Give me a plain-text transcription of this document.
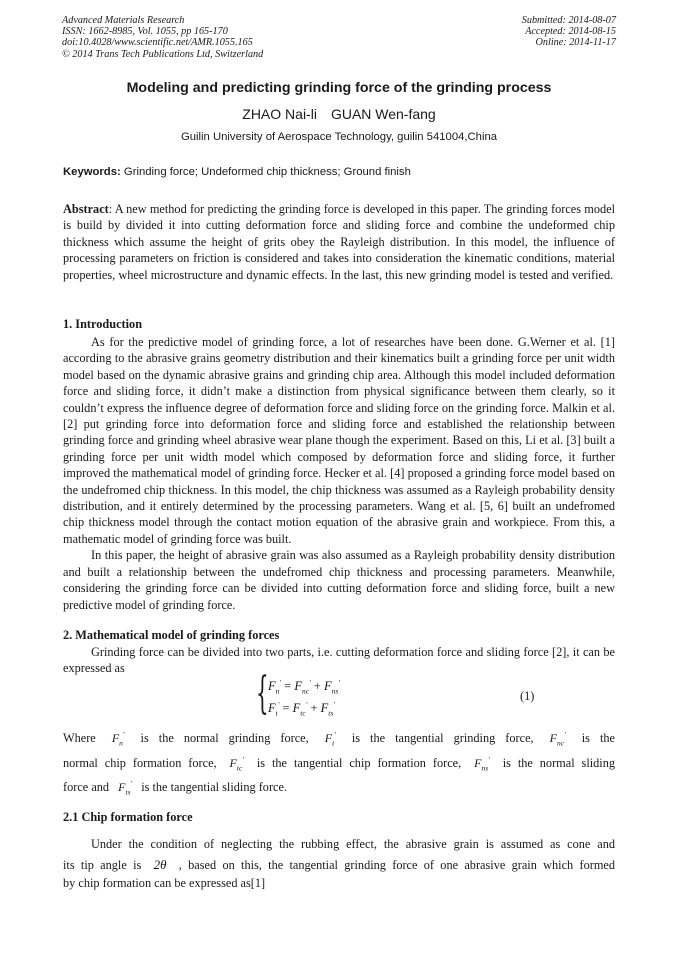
Advanced Materials Research
ISSN: 1662-8985, Vol. 1055, pp 165-170
doi:10.4028/www.scientific.net/AMR.1055.165
© 2014 Trans Tech Publications Ltd, Switzerland
Submitted: 2014-08-07
Accepted: 2014-08-15
Online: 2014-11-17
Modeling and predicting grinding force of the grinding process
ZHAO Nai-li GUAN Wen-fang
Guilin University of Aerospace Technology, guilin 541004,China
Keywords: Grinding force; Undeformed chip thickness; Ground finish

Abstract: A new method for predicting the grinding force is developed in this paper. The grinding forces model is build by divided it into cutting deformation force and sliding force and combine the undeformed chip thickness which assume the height of grits obey the Rayleigh distribution. In this model, the influence of processing parameters on friction is considered and takes into consideration the kinematic conditions, material properties, wheel microstructure and dynamic effects. In the last, this new grinding model is tested and verified.

1. Introduction

As for the predictive model of grinding force, a lot of researches have been done. G.Werner et al. [1] according to the abrasive grains geometry distribution and their kinematics built a grinding force per unit width model based on the dynamic abrasive grains and grinding chip area. Although this model included deformation force and sliding force, it didn’t make a distinction from physical significance between them clearly, so it couldn’t express the influence degree of deformation force and sliding force on the grinding force. Malkin et al. [2] put grinding force into deformation force and sliding force and established the relationship between grinding force and grinding wheel abrasive wear plane though the experiment. Based on this, Li et al. [3] built a grinding force per unit width model which composed by deformation force and sliding force, it further improved the mathematical model of grinding force. Hecker et al. [4] proposed a grinding force model based on the undefromed chip thickness. In this model, the chip thickness was assumed as a Rayleigh probability density distribution, and it entirely determined by the processing parameters. Wang et al. [5, 6] built an undefromed chip thickness model through the contact motion equation of the abrasive grain and workpiece. From this, a mathematic model of grinding force was built.

In this paper, the height of abrasive grain was also assumed as a Rayleigh probability density distribution and built a relationship between the undefromed chip thickness and processing parameters. Meanwhile, considering the grinding force can be divided into cutting deformation force and sliding force, built a new predictive model of grinding force.

2. Mathematical model of grinding forces

Grinding force can be divided into two parts, i.e. cutting deformation force and sliding force [2], it can be expressed as	{ $F_n' = F_{nc}' + F_{ns}'$
$F_t' = F_{tc}' + F_{ts}'$
(1)
Where $F_n'$ is the normal grinding force, $F_t'$ is the tangential grinding force, $F_{nc}'$ is the
normal chip formation force, $F_{tc}'$ is the tangential chip formation force, $F_{ns}'$ is the normal sliding
force and $F_{ts}'$ is the tangential sliding force.
2.1 Chip formation force
Under the condition of neglecting the rubbing effect, the abrasive grain is assumed as cone and
its tip angle is 2θ , based on this, the tangential grinding force of one abrasive grain which formed
by chip formation can be expressed as[1]
